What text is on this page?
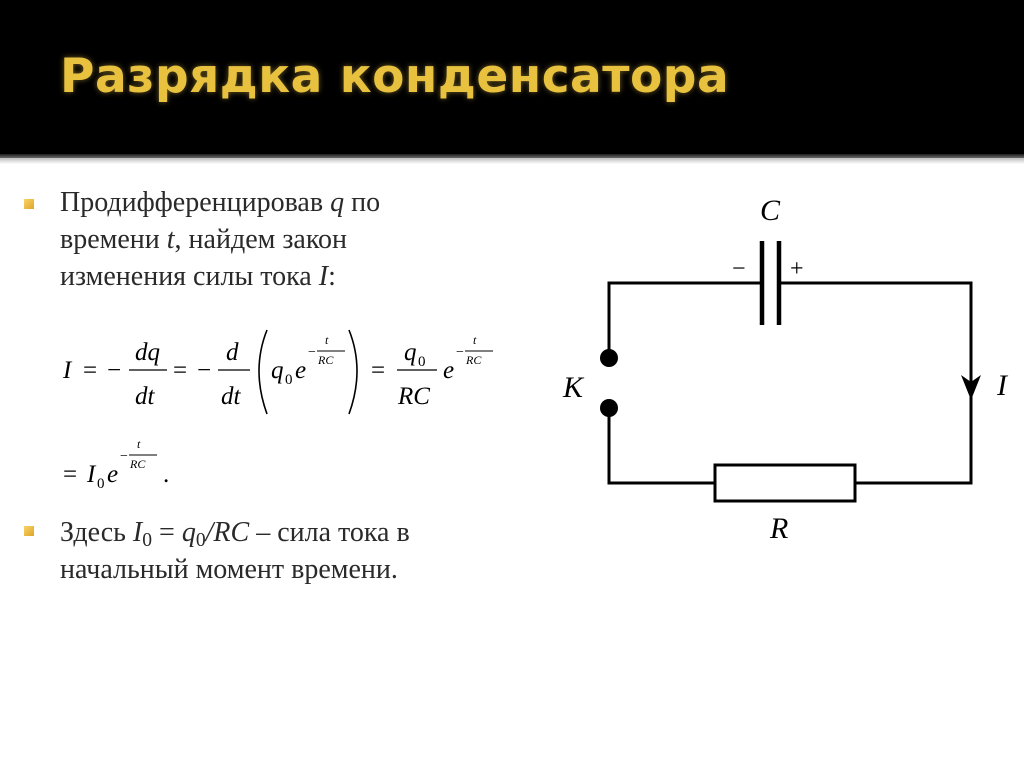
Разрядка конденсатора

Продифференцировав q по
времени t, найдем закон
изменения силы тока I:

I = −
dq
dt
= −
d
dt
q 0 e
−
t
RC =
q 0
RC
e
−
t
RC
= I 0 e
−
t
RC .

Здесь $I_0 = q_0/RC$ – сила тока в
начальный момент времени.

C
− +
K	I
R
